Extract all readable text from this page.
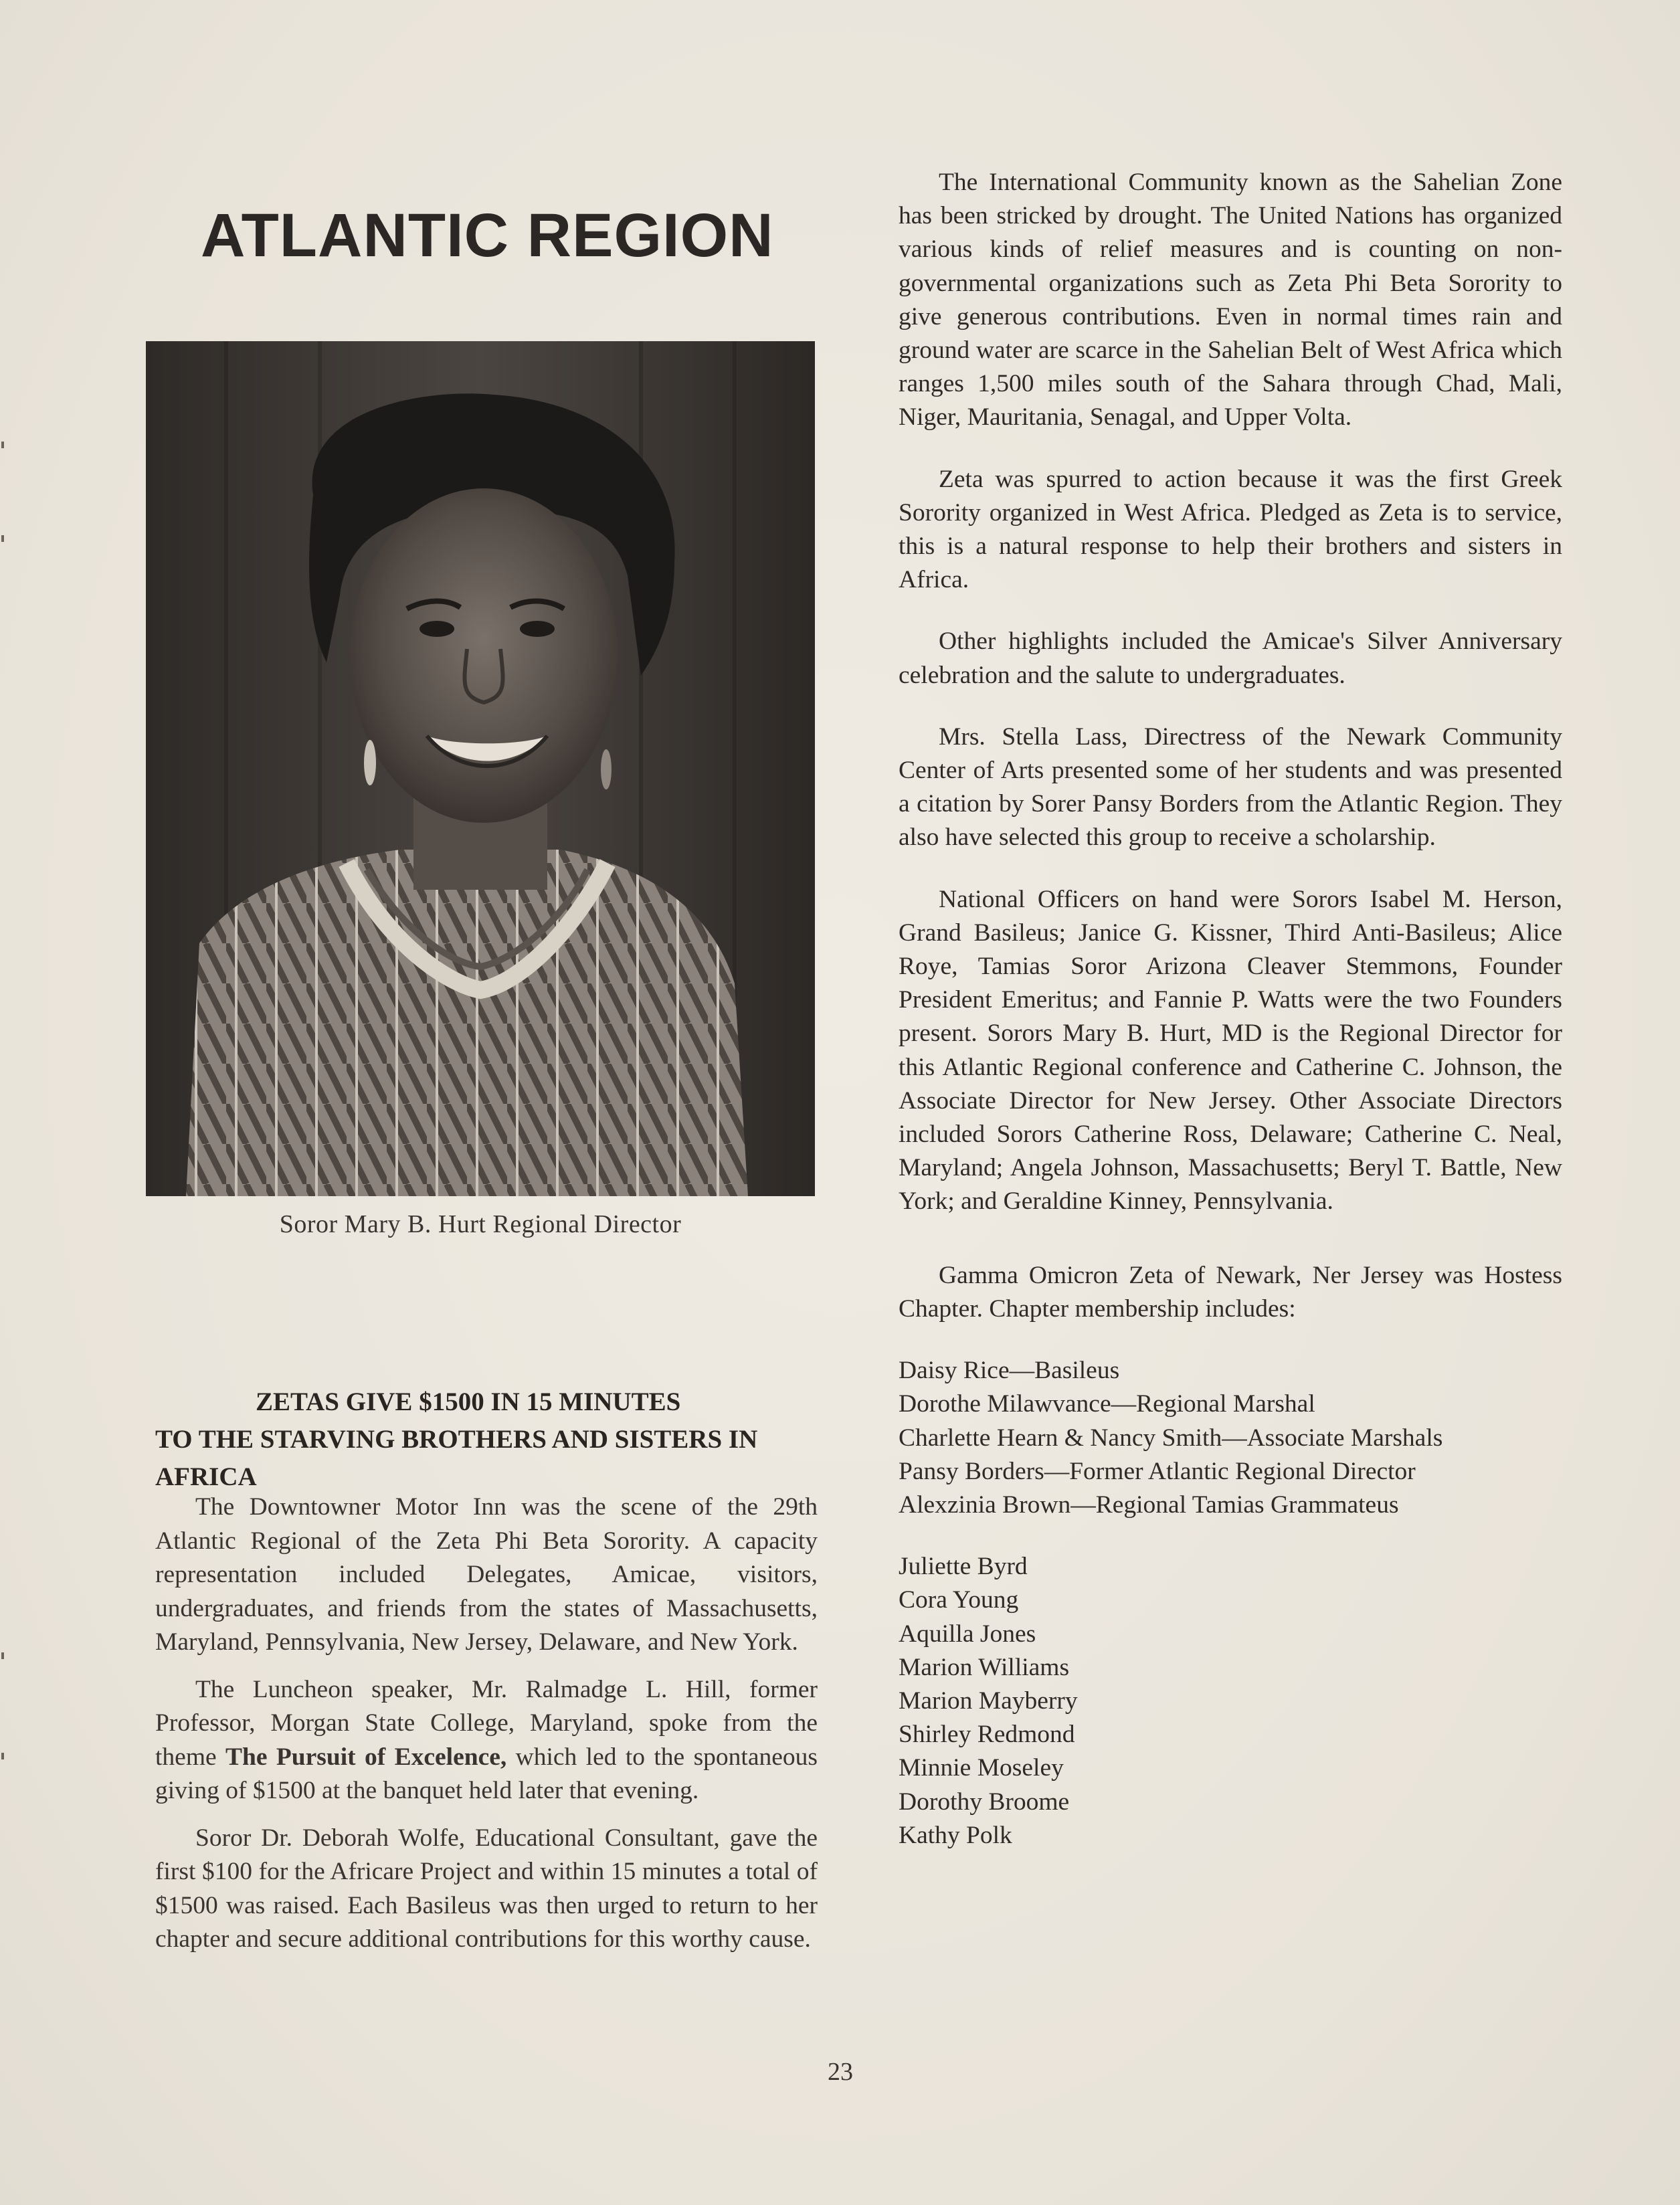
ATLANTIC REGION
Soror Mary B. Hurt Regional Director
ZETAS GIVE $1500 IN 15 MINUTES
TO THE STARVING BROTHERS AND SISTERS IN AFRICA

The Downtowner Motor Inn was the scene of the 29th Atlantic Regional of the Zeta Phi Beta Sorority. A capacity representation included Delegates, Amicae, visitors, undergraduates, and friends from the states of Massachusetts, Maryland, Pennsylvania, New Jersey, Delaware, and New York.

The Luncheon speaker, Mr. Ralmadge L. Hill, former Professor, Morgan State College, Maryland, spoke from the theme The Pursuit of Excelence, which led to the spontaneous giving of $1500 at the banquet held later that evening.

Soror Dr. Deborah Wolfe, Educational Consultant, gave the first $100 for the Africare Project and within 15 minutes a total of $1500 was raised. Each Basileus was then urged to return to her chapter and secure additional contributions for this worthy cause.

The International Community known as the Sahelian Zone has been stricked by drought. The United Nations has organized various kinds of relief measures and is counting on non-governmental organizations such as Zeta Phi Beta Sorority to give generous contributions. Even in normal times rain and ground water are scarce in the Sahelian Belt of West Africa which ranges 1,500 miles south of the Sahara through Chad, Mali, Niger, Mauritania, Senagal, and Upper Volta.

Zeta was spurred to action because it was the first Greek Sorority organized in West Africa. Pledged as Zeta is to service, this is a natural response to help their brothers and sisters in Africa.

Other highlights included the Amicae's Silver Anniversary celebration and the salute to undergraduates.

Mrs. Stella Lass, Directress of the Newark Community Center of Arts presented some of her students and was presented a citation by Sorer Pansy Borders from the Atlantic Region. They also have selected this group to receive a scholarship.

National Officers on hand were Sorors Isabel M. Herson, Grand Basileus; Janice G. Kissner, Third Anti-Basileus; Alice Roye, Tamias Soror Arizona Cleaver Stemmons, Founder President Emeritus; and Fannie P. Watts were the two Founders present. Sorors Mary B. Hurt, MD is the Regional Director for this Atlantic Regional conference and Catherine C. Johnson, the Associate Director for New Jersey. Other Associate Directors included Sorors Catherine Ross, Delaware; Catherine C. Neal, Maryland; Angela Johnson, Massachusetts; Beryl T. Battle, New York; and Geraldine Kinney, Pennsylvania.

Gamma Omicron Zeta of Newark, Ner Jersey was Hostess Chapter. Chapter membership includes:

Daisy Rice—Basileus
Dorothe Milawvance—Regional Marshal
Charlette Hearn & Nancy Smith—Associate Marshals
Pansy Borders—Former Atlantic Regional Director
Alexzinia Brown—Regional Tamias Grammateus
Juliette Byrd
Cora Young
Aquilla Jones
Marion Williams
Marion Mayberry
Shirley Redmond
Minnie Moseley
Dorothy Broome
Kathy Polk
23
